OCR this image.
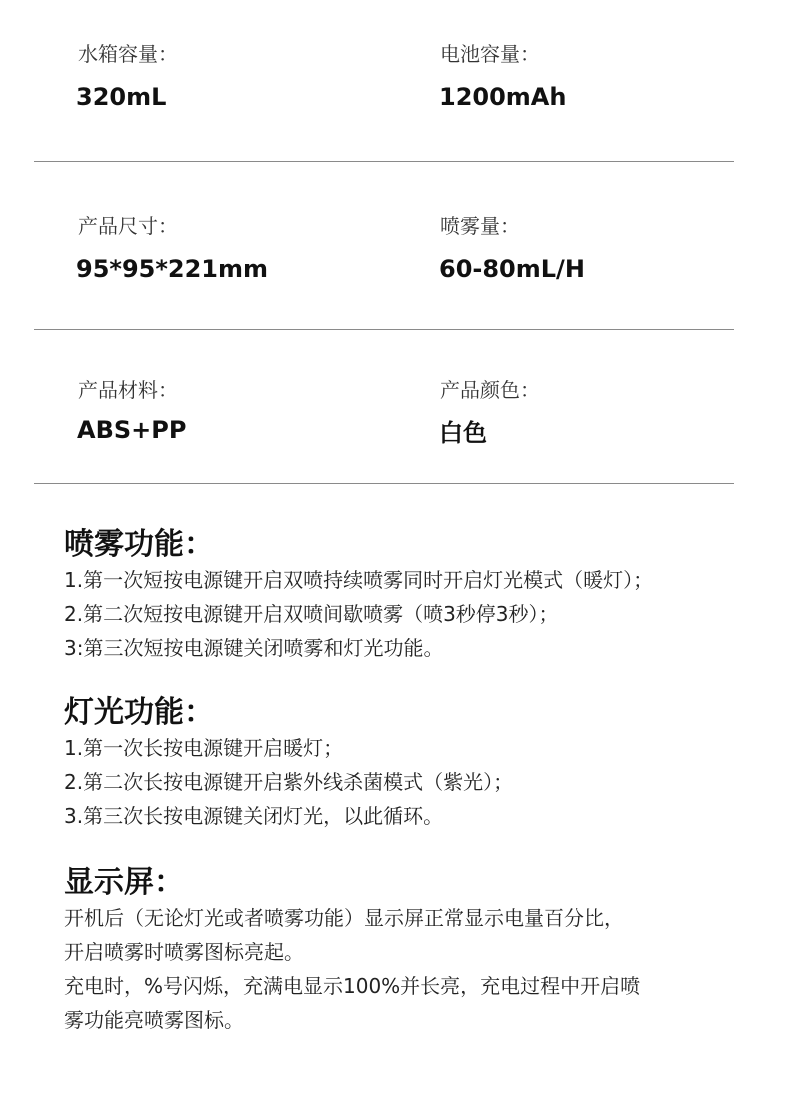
水箱容量：
320mL
电池容量：
1200mAh
产品尺寸：
95*95*221mm
喷雾量：
60-80mL/H
产品材料：
ABS+PP
产品颜色：
白色
喷雾功能：
1.第一次短按电源键开启双喷持续喷雾同时开启灯光模式（暖灯）；
2.第二次短按电源键开启双喷间歇喷雾（喷3秒停3秒）；
3:第三次短按电源键关闭喷雾和灯光功能。
灯光功能：
1.第一次长按电源键开启暖灯；
2.第二次长按电源键开启紫外线杀菌模式（紫光）；
3.第三次长按电源键关闭灯光，以此循环。
显示屏：
开机后（无论灯光或者喷雾功能）显示屏正常显示电量百分比，
开启喷雾时喷雾图标亮起。
充电时，%号闪烁，充满电显示100%并长亮，充电过程中开启喷
雾功能亮喷雾图标。
